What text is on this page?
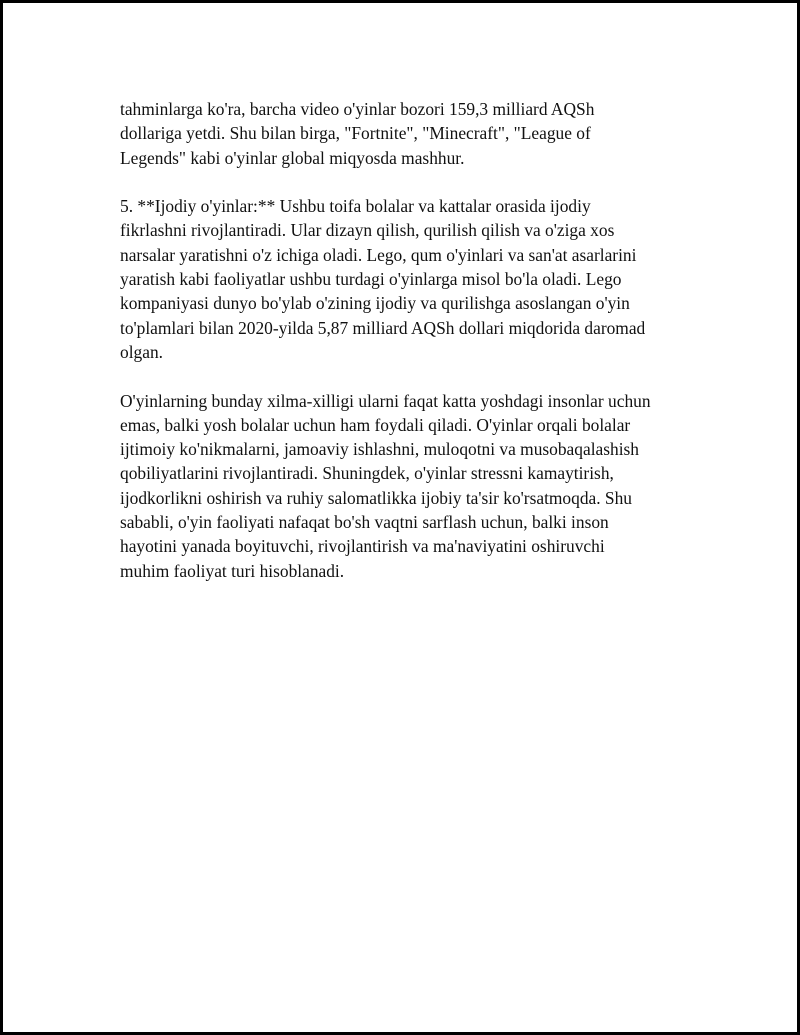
tahminlarga ko'ra, barcha video o'yinlar bozori 159,3 milliard AQSh
dollariga yetdi. Shu bilan birga, "Fortnite", "Minecraft", "League of
Legends" kabi o'yinlar global miqyosda mashhur.

5. **Ijodiy o'yinlar:** Ushbu toifa bolalar va kattalar orasida ijodiy
fikrlashni rivojlantiradi. Ular dizayn qilish, qurilish qilish va o'ziga xos
narsalar yaratishni o'z ichiga oladi. Lego, qum o'yinlari va san'at asarlarini
yaratish kabi faoliyatlar ushbu turdagi o'yinlarga misol bo'la oladi. Lego
kompaniyasi dunyo bo'ylab o'zining ijodiy va qurilishga asoslangan o'yin
to'plamlari bilan 2020-yilda 5,87 milliard AQSh dollari miqdorida daromad
olgan.

O'yinlarning bunday xilma-xilligi ularni faqat katta yoshdagi insonlar uchun
emas, balki yosh bolalar uchun ham foydali qiladi. O'yinlar orqali bolalar
ijtimoiy ko'nikmalarni, jamoaviy ishlashni, muloqotni va musobaqalashish
qobiliyatlarini rivojlantiradi. Shuningdek, o'yinlar stressni kamaytirish,
ijodkorlikni oshirish va ruhiy salomatlikka ijobiy ta'sir ko'rsatmoqda. Shu
sababli, o'yin faoliyati nafaqat bo'sh vaqtni sarflash uchun, balki inson
hayotini yanada boyituvchi, rivojlantirish va ma'naviyatini oshiruvchi
muhim faoliyat turi hisoblanadi.
